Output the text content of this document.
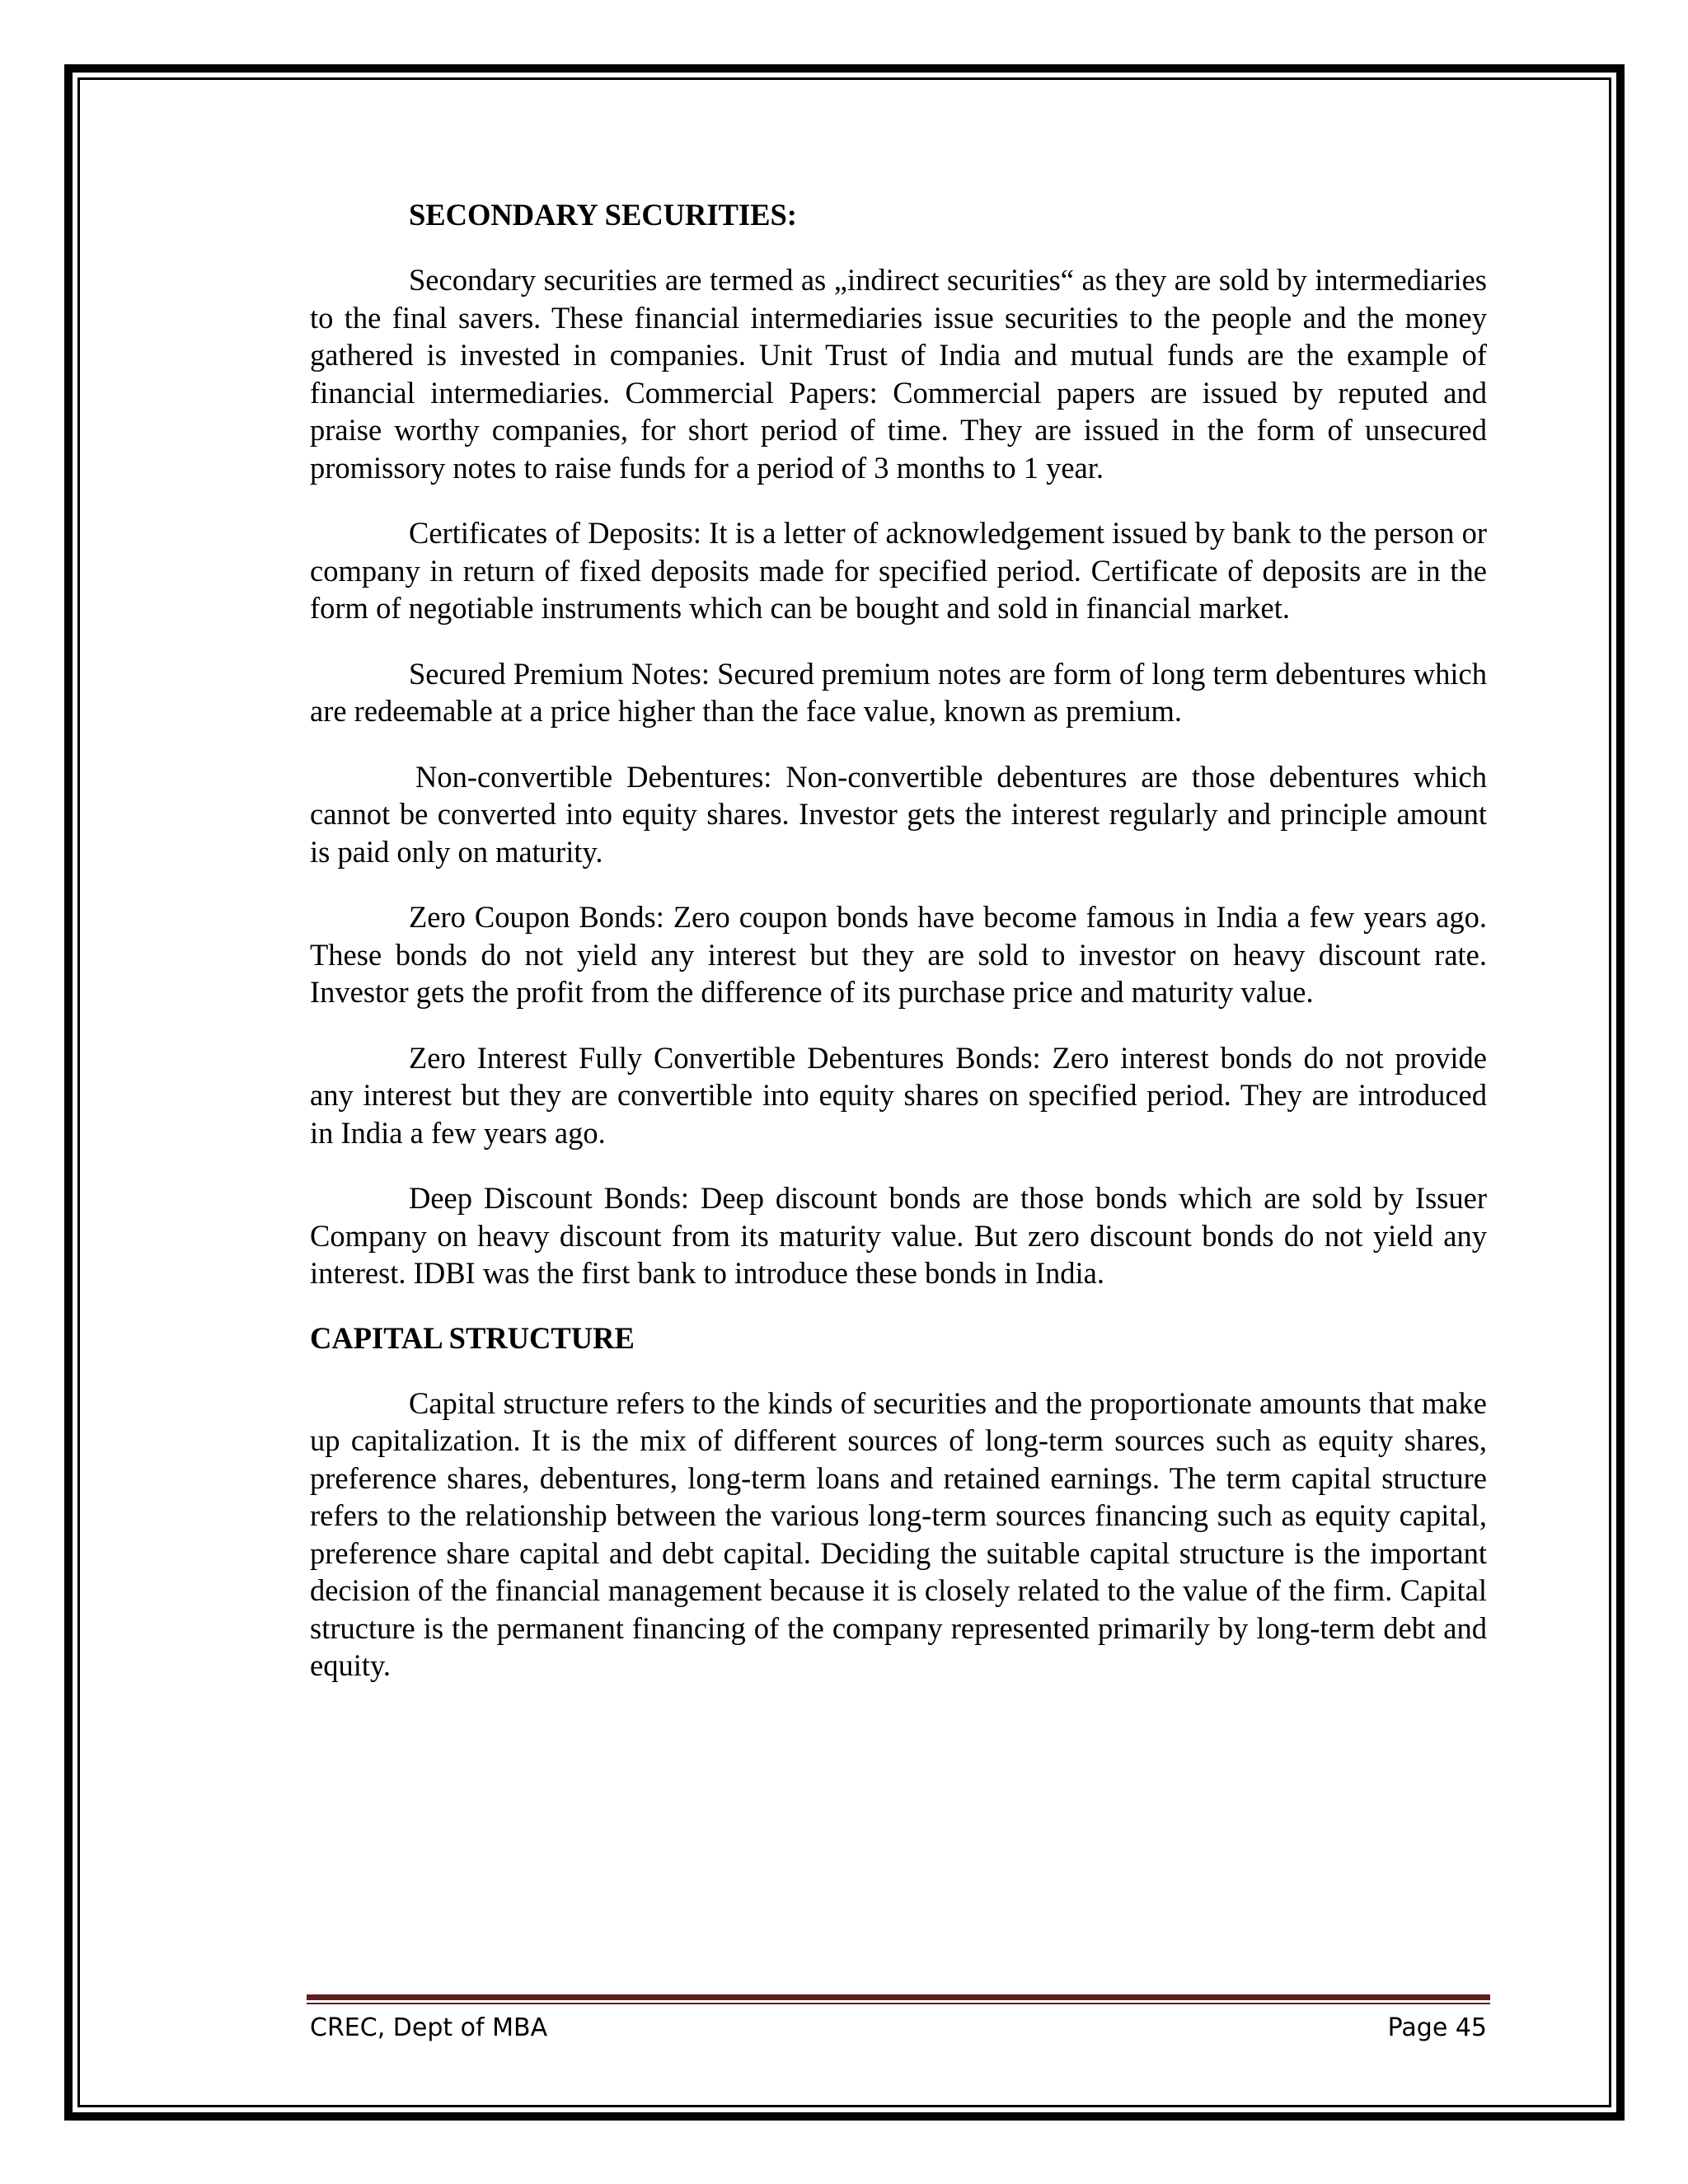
SECONDARY SECURITIES:

Secondary securities are termed as „indirect securities“ as they are sold by intermediaries to the final savers. These financial intermediaries issue securities to the people and the money gathered is invested in companies. Unit Trust of India and mutual funds are the example of financial intermediaries. Commercial Papers: Commercial papers are issued by reputed and praise worthy companies, for short period of time. They are issued in the form of unsecured promissory notes to raise funds for a period of 3 months to 1 year.

Certificates of Deposits: It is a letter of acknowledgement issued by bank to the person or company in return of fixed deposits made for specified period. Certificate of deposits are in the form of negotiable instruments which can be bought and sold in financial market.

Secured Premium Notes: Secured premium notes are form of long term debentures which are redeemable at a price higher than the face value, known as premium.

Non-convertible Debentures: Non-convertible debentures are those debentures which cannot be converted into equity shares. Investor gets the interest regularly and principle amount is paid only on maturity.

Zero Coupon Bonds: Zero coupon bonds have become famous in India a few years ago. These bonds do not yield any interest but they are sold to investor on heavy discount rate. Investor gets the profit from the difference of its purchase price and maturity value.

Zero Interest Fully Convertible Debentures Bonds: Zero interest bonds do not provide any interest but they are convertible into equity shares on specified period. They are introduced in India a few years ago.

Deep Discount Bonds: Deep discount bonds are those bonds which are sold by Issuer Company on heavy discount from its maturity value. But zero discount bonds do not yield any interest. IDBI was the first bank to introduce these bonds in India.

CAPITAL STRUCTURE

Capital structure refers to the kinds of securities and the proportionate amounts that make up capitalization. It is the mix of different sources of long-term sources such as equity shares, preference shares, debentures, long-term loans and retained earnings. The term capital structure refers to the relationship between the various long-term sources financing such as equity capital, preference share capital and debt capital. Deciding the suitable capital structure is the important decision of the financial management because it is closely related to the value of the firm. Capital structure is the permanent financing of the company represented primarily by long-term debt and equity.

CREC, Dept of MBA	Page 45
